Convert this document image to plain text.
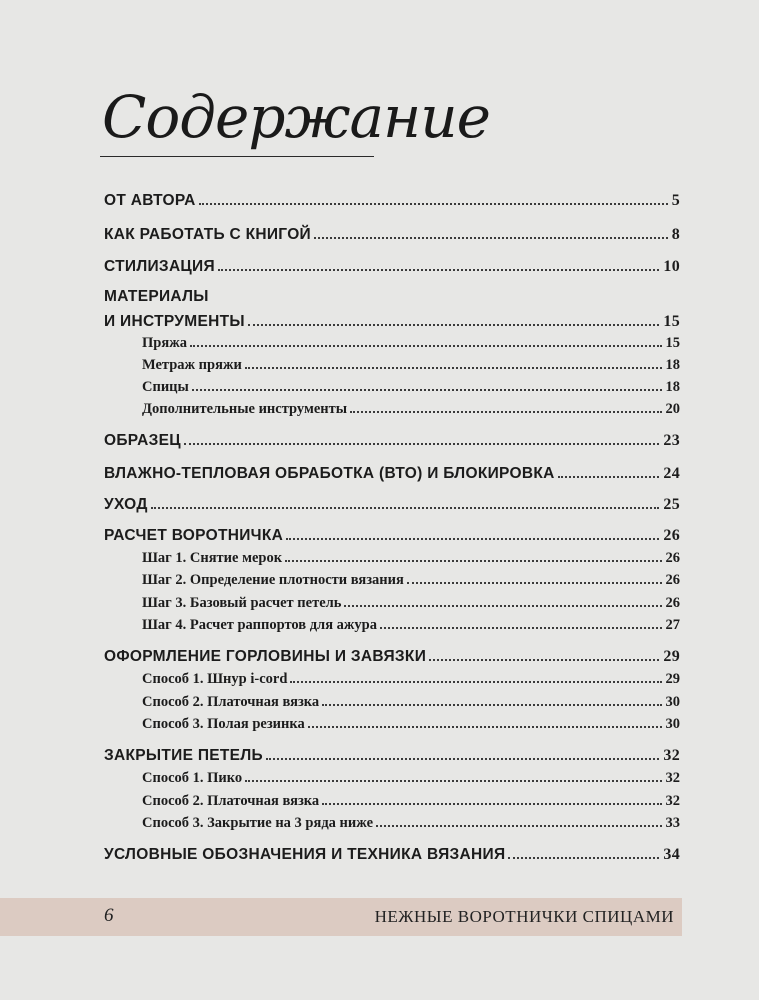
Содержание
ОТ АВТОРА	5
КАК РАБОТАТЬ С КНИГОЙ	8
СТИЛИЗАЦИЯ	10
МАТЕРИАЛЫ
И ИНСТРУМЕНТЫ	15
Пряжа	15
Метраж пряжи	18
Спицы	18
Дополнительные инструменты	20
ОБРАЗЕЦ	23
ВЛАЖНО-ТЕПЛОВАЯ ОБРАБОТКА (ВТО) И БЛОКИРОВКА	24
УХОД	25
РАСЧЕТ ВОРОТНИЧКА	26
Шаг 1. Снятие мерок	26
Шаг 2. Определение плотности вязания	26
Шаг 3. Базовый расчет петель	26
Шаг 4. Расчет раппортов для ажура	27
ОФОРМЛЕНИЕ ГОРЛОВИНЫ И ЗАВЯЗКИ	29
Способ 1. Шнур i-cord	29
Способ 2. Платочная вязка	30
Способ 3. Полая резинка	30
ЗАКРЫТИЕ ПЕТЕЛЬ	32
Способ 1. Пико	32
Способ 2. Платочная вязка	32
Способ 3. Закрытие на 3 ряда ниже	33
УСЛОВНЫЕ ОБОЗНАЧЕНИЯ И ТЕХНИКА ВЯЗАНИЯ	34
6	НЕЖНЫЕ ВОРОТНИЧКИ СПИЦАМИ
